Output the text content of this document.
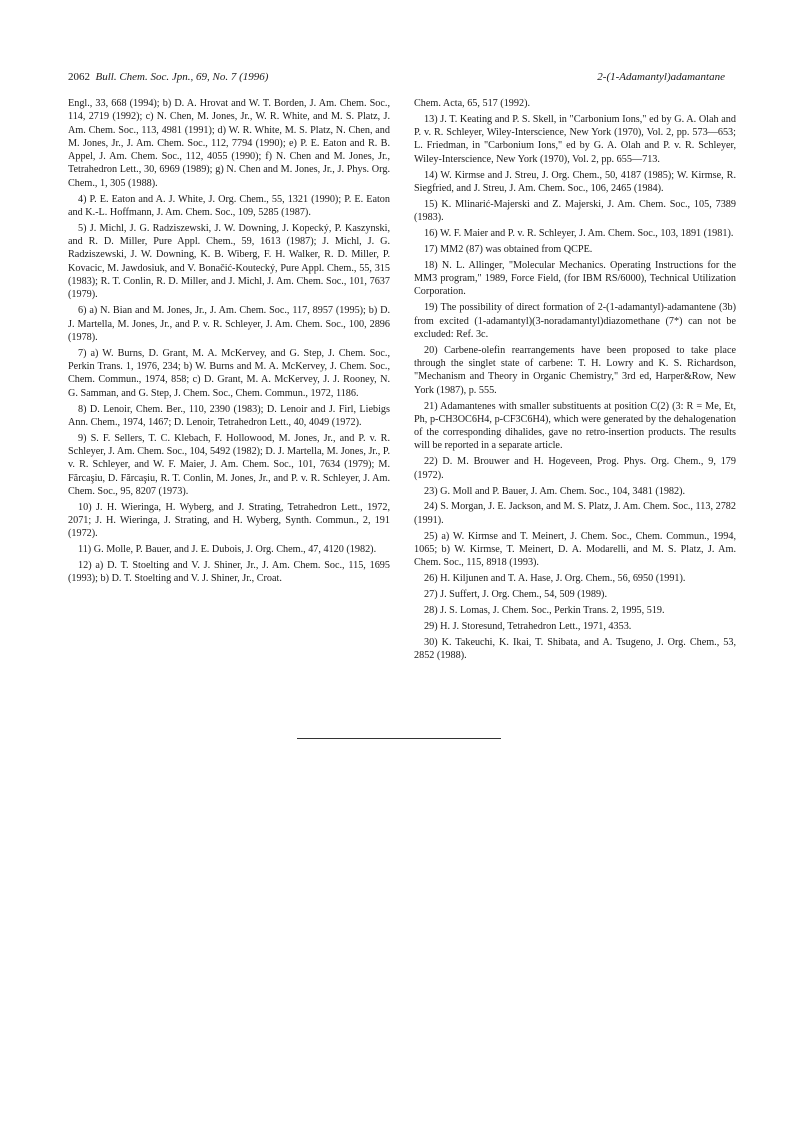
2062 Bull. Chem. Soc. Jpn., 69, No. 7 (1996)	2-(1-Adamantyl)adamantane

Engl., 33, 668 (1994); b) D. A. Hrovat and W. T. Borden, J. Am. Chem. Soc., 114, 2719 (1992); c) N. Chen, M. Jones, Jr., W. R. White, and M. S. Platz, J. Am. Chem. Soc., 113, 4981 (1991); d) W. R. White, M. S. Platz, N. Chen, and M. Jones, Jr., J. Am. Chem. Soc., 112, 7794 (1990); e) P. E. Eaton and R. B. Appel, J. Am. Chem. Soc., 112, 4055 (1990); f) N. Chen and M. Jones, Jr., Tetrahedron Lett., 30, 6969 (1989); g) N. Chen and M. Jones, Jr., J. Phys. Org. Chem., 1, 305 (1988).

4) P. E. Eaton and A. J. White, J. Org. Chem., 55, 1321 (1990); P. E. Eaton and K.-L. Hoffmann, J. Am. Chem. Soc., 109, 5285 (1987).

5) J. Michl, J. G. Radziszewski, J. W. Downing, J. Kopecký, P. Kaszynski, and R. D. Miller, Pure Appl. Chem., 59, 1613 (1987); J. Michl, J. G. Radziszewski, J. W. Downing, K. B. Wiberg, F. H. Walker, R. D. Miller, P. Kovacic, M. Jawdosiuk, and V. Bonačić-Koutecký, Pure Appl. Chem., 55, 315 (1983); R. T. Conlin, R. D. Miller, and J. Michl, J. Am. Chem. Soc., 101, 7637 (1979).

6) a) N. Bian and M. Jones, Jr., J. Am. Chem. Soc., 117, 8957 (1995); b) D. J. Martella, M. Jones, Jr., and P. v. R. Schleyer, J. Am. Chem. Soc., 100, 2896 (1978).

7) a) W. Burns, D. Grant, M. A. McKervey, and G. Step, J. Chem. Soc., Perkin Trans. 1, 1976, 234; b) W. Burns and M. A. McKervey, J. Chem. Soc., Chem. Commun., 1974, 858; c) D. Grant, M. A. McKervey, J. J. Rooney, N. G. Samman, and G. Step, J. Chem. Soc., Chem. Commun., 1972, 1186.

8) D. Lenoir, Chem. Ber., 110, 2390 (1983); D. Lenoir and J. Firl, Liebigs Ann. Chem., 1974, 1467; D. Lenoir, Tetrahedron Lett., 40, 4049 (1972).

9) S. F. Sellers, T. C. Klebach, F. Hollowood, M. Jones, Jr., and P. v. R. Schleyer, J. Am. Chem. Soc., 104, 5492 (1982); D. J. Martella, M. Jones, Jr., P. v. R. Schleyer, and W. F. Maier, J. Am. Chem. Soc., 101, 7634 (1979); M. Fărcaşiu, D. Fărcaşiu, R. T. Conlin, M. Jones, Jr., and P. v. R. Schleyer, J. Am. Chem. Soc., 95, 8207 (1973).

10) J. H. Wieringa, H. Wyberg, and J. Strating, Tetrahedron Lett., 1972, 2071; J. H. Wieringa, J. Strating, and H. Wyberg, Synth. Commun., 2, 191 (1972).

11) G. Molle, P. Bauer, and J. E. Dubois, J. Org. Chem., 47, 4120 (1982).

12) a) D. T. Stoelting and V. J. Shiner, Jr., J. Am. Chem. Soc., 115, 1695 (1993); b) D. T. Stoelting and V. J. Shiner, Jr., Croat.

Chem. Acta, 65, 517 (1992).

13) J. T. Keating and P. S. Skell, in "Carbonium Ions," ed by G. A. Olah and P. v. R. Schleyer, Wiley-Interscience, New York (1970), Vol. 2, pp. 573—653; L. Friedman, in "Carbonium Ions," ed by G. A. Olah and P. v. R. Schleyer, Wiley-Interscience, New York (1970), Vol. 2, pp. 655—713.

14) W. Kirmse and J. Streu, J. Org. Chem., 50, 4187 (1985); W. Kirmse, R. Siegfried, and J. Streu, J. Am. Chem. Soc., 106, 2465 (1984).

15) K. Mlinarić-Majerski and Z. Majerski, J. Am. Chem. Soc., 105, 7389 (1983).

16) W. F. Maier and P. v. R. Schleyer, J. Am. Chem. Soc., 103, 1891 (1981).

17) MM2 (87) was obtained from QCPE.

18) N. L. Allinger, "Molecular Mechanics. Operating Instructions for the MM3 program," 1989, Force Field, (for IBM RS/6000), Technical Utilization Corporation.

19) The possibility of direct formation of 2-(1-adamantyl)-adamantene (3b) from excited (1-adamantyl)(3-noradamantyl)diazomethane (7*) can not be excluded: Ref. 3c.

20) Carbene-olefin rearrangements have been proposed to take place through the singlet state of carbene: T. H. Lowry and K. S. Richardson, "Mechanism and Theory in Organic Chemistry," 3rd ed, Harper&Row, New York (1987), p. 555.

21) Adamantenes with smaller substituents at position C(2) (3: R = Me, Et, Ph, p-CH3OC6H4, p-CF3C6H4), which were generated by the dehalogenation of the corresponding dihalides, gave no retro-insertion products. The results will be reported in a separate article.

22) D. M. Brouwer and H. Hogeveen, Prog. Phys. Org. Chem., 9, 179 (1972).

23) G. Moll and P. Bauer, J. Am. Chem. Soc., 104, 3481 (1982).

24) S. Morgan, J. E. Jackson, and M. S. Platz, J. Am. Chem. Soc., 113, 2782 (1991).

25) a) W. Kirmse and T. Meinert, J. Chem. Soc., Chem. Commun., 1994, 1065; b) W. Kirmse, T. Meinert, D. A. Modarelli, and M. S. Platz, J. Am. Chem. Soc., 115, 8918 (1993).

26) H. Kiljunen and T. A. Hase, J. Org. Chem., 56, 6950 (1991).

27) J. Suffert, J. Org. Chem., 54, 509 (1989).

28) J. S. Lomas, J. Chem. Soc., Perkin Trans. 2, 1995, 519.

29) H. J. Storesund, Tetrahedron Lett., 1971, 4353.

30) K. Takeuchi, K. Ikai, T. Shibata, and A. Tsugeno, J. Org. Chem., 53, 2852 (1988).
